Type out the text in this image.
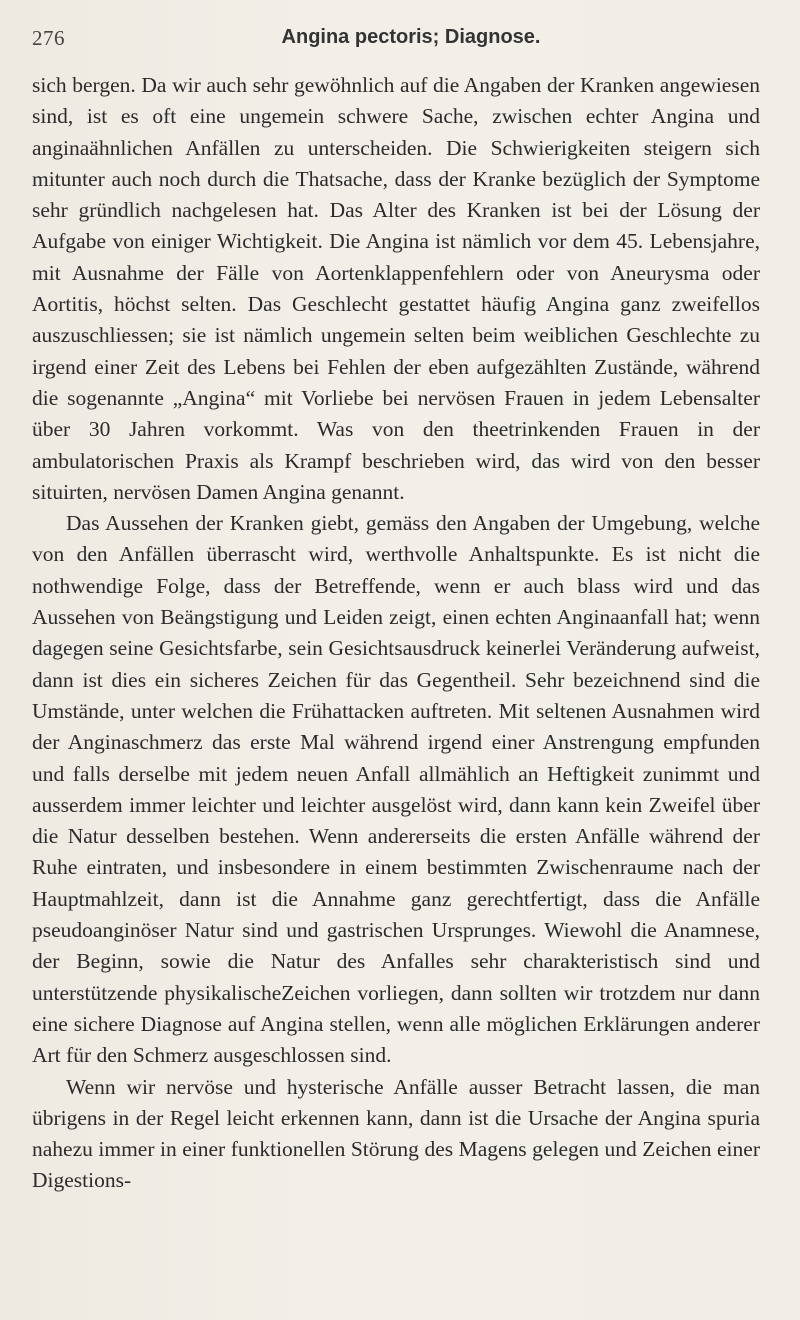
276	Angina pectoris; Diagnose.

sich bergen. Da wir auch sehr gewöhnlich auf die Angaben der Kranken angewiesen sind, ist es oft eine ungemein schwere Sache, zwischen echter Angina und anginaähnlichen Anfällen zu unterscheiden. Die Schwierigkeiten steigern sich mitunter auch noch durch die Thatsache, dass der Kranke bezüglich der Symptome sehr gründlich nachgelesen hat. Das Alter des Kranken ist bei der Lösung der Aufgabe von einiger Wichtigkeit. Die Angina ist nämlich vor dem 45. Lebensjahre, mit Ausnahme der Fälle von Aortenklappenfehlern oder von Aneurysma oder Aortitis, höchst selten. Das Geschlecht gestattet häufig Angina ganz zweifellos auszuschliessen; sie ist nämlich ungemein selten beim weiblichen Geschlechte zu irgend einer Zeit des Lebens bei Fehlen der eben aufgezählten Zustände, während die sogenannte „Angina“ mit Vorliebe bei nervösen Frauen in jedem Lebensalter über 30 Jahren vorkommt. Was von den theetrinkenden Frauen in der ambulatorischen Praxis als Krampf beschrieben wird, das wird von den besser situirten, nervösen Damen Angina genannt.

Das Aussehen der Kranken giebt, gemäss den Angaben der Umgebung, welche von den Anfällen überrascht wird, werthvolle Anhaltspunkte. Es ist nicht die nothwendige Folge, dass der Betreffende, wenn er auch blass wird und das Aussehen von Beängstigung und Leiden zeigt, einen echten Anginaanfall hat; wenn dagegen seine Gesichtsfarbe, sein Gesichtsausdruck keinerlei Veränderung aufweist, dann ist dies ein sicheres Zeichen für das Gegentheil. Sehr bezeichnend sind die Umstände, unter welchen die Frühattacken auftreten. Mit seltenen Ausnahmen wird der Anginaschmerz das erste Mal während irgend einer Anstrengung empfunden und falls derselbe mit jedem neuen Anfall allmählich an Heftigkeit zunimmt und ausserdem immer leichter und leichter ausgelöst wird, dann kann kein Zweifel über die Natur desselben bestehen. Wenn andererseits die ersten Anfälle während der Ruhe eintraten, und insbesondere in einem bestimmten Zwischenraume nach der Hauptmahlzeit, dann ist die Annahme ganz gerechtfertigt, dass die Anfälle pseudoanginöser Natur sind und gastrischen Ursprunges. Wiewohl die Anamnese, der Beginn, sowie die Natur des Anfalles sehr charakteristisch sind und unterstützende physikalischeZeichen vorliegen, dann sollten wir trotzdem nur dann eine sichere Diagnose auf Angina stellen, wenn alle möglichen Erklärungen anderer Art für den Schmerz ausgeschlossen sind.

Wenn wir nervöse und hysterische Anfälle ausser Betracht lassen, die man übrigens in der Regel leicht erkennen kann, dann ist die Ursache der Angina spuria nahezu immer in einer funktionellen Störung des Magens gelegen und Zeichen einer Digestions-
